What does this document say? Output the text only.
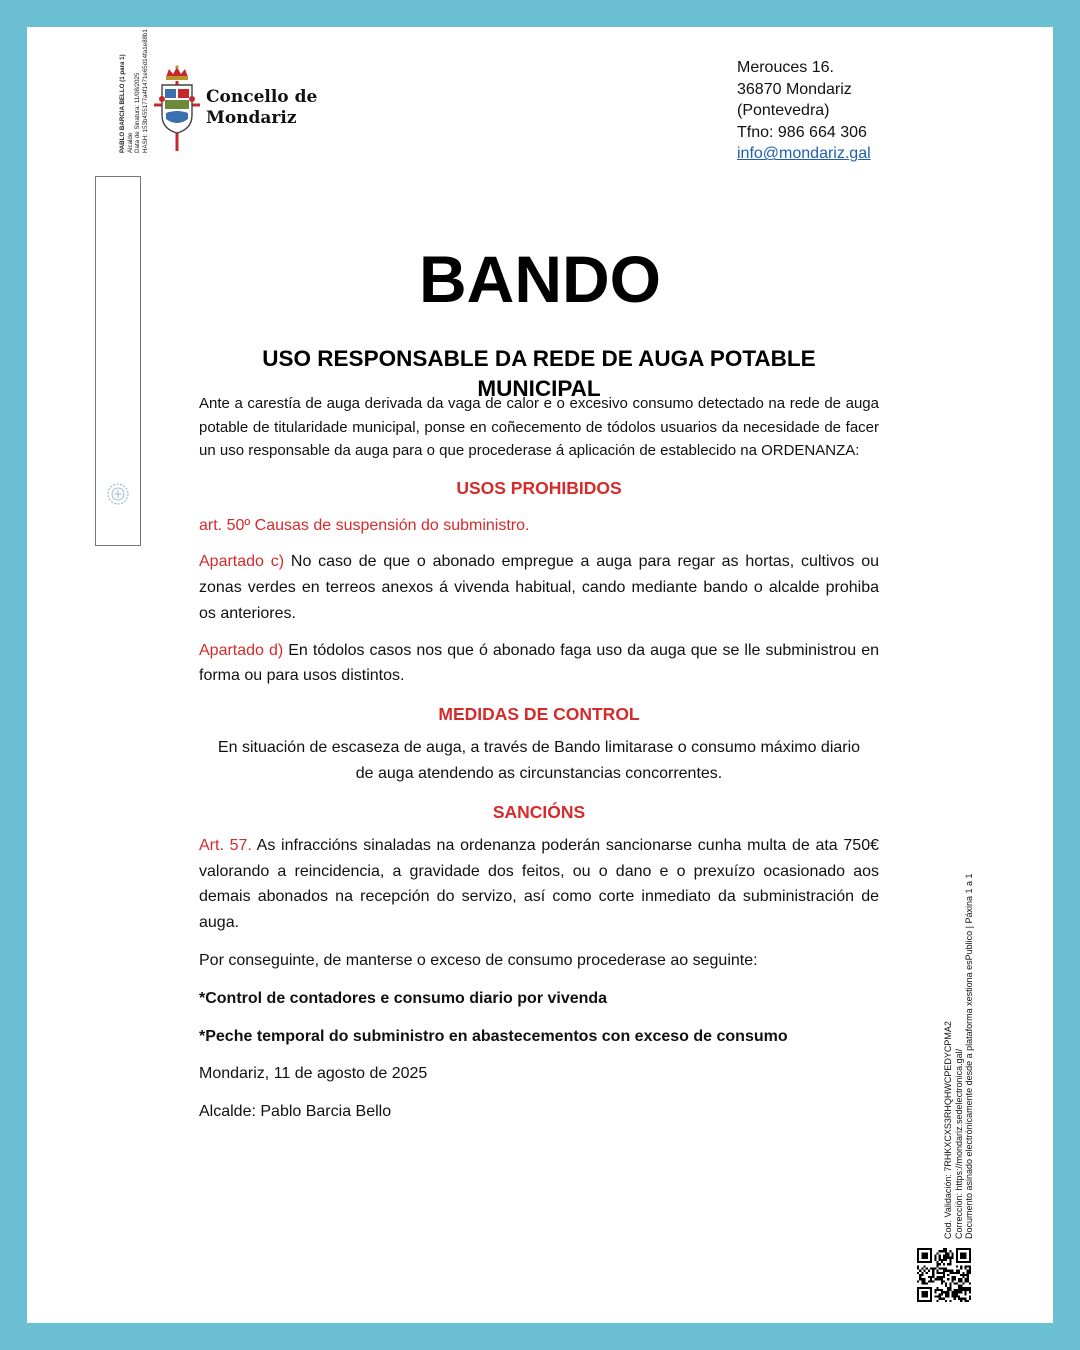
Concello de
Mondariz
Merouces 16.
36870 Mondariz
(Pontevedra)
Tfno: 986 664 306
info@mondariz.gal
PABLO BARCIA BELLO (1 para 1) Alcalde Data de Sinatura: 11/08/2025 HASH: 153b455177a4f1471e65d14fa1e88b1
BANDO
USO RESPONSABLE DA REDE DE AUGA POTABLE MUNICIPAL

Ante a carestía de auga derivada da vaga de calor e o excesivo consumo detectado na rede de auga potable de titularidade municipal, ponse en coñecemento de tódolos usuarios da necesidade de facer un uso responsable da auga para o que procederase á aplicación de establecido na ORDENANZA:

USOS PROHIBIDOS

art. 50º Causas de suspensión do subministro.

Apartado c) No caso de que o abonado empregue a auga para regar as hortas, cultivos ou zonas verdes en terreos anexos á vivenda habitual, cando mediante bando o alcalde prohiba os anteriores.

Apartado d) En tódolos casos nos que ó abonado faga uso da auga que se lle subministrou en forma ou para usos distintos.

MEDIDAS DE CONTROL

En situación de escaseza de auga, a través de Bando limitarase o consumo máximo diario de auga atendendo as circunstancias concorrentes.

SANCIÓNS

Art. 57. As infraccións sinaladas na ordenanza poderán sancionarse cunha multa de ata 750€ valorando a reincidencia, a gravidade dos feitos, ou o dano e o prexuízo ocasionado aos demais abonados na recepción do servizo, así como corte inmediato da subministración de auga.

Por conseguinte, de manterse o exceso de consumo procederase ao seguinte:

*Control de contadores e consumo diario por vivenda

*Peche temporal do subministro en abastecementos con exceso de consumo

Mondariz, 11 de agosto de 2025

Alcalde: Pablo Barcia Bello	Cod. Validación: 7RHKXCXS3RHQHWCPEDYCPMA2 Corrección: https://mondariz.sedelectronica.gal/ Documento asinado electrónicamente desde a plataforma xestiona esPublico | Páxina 1 a 1
